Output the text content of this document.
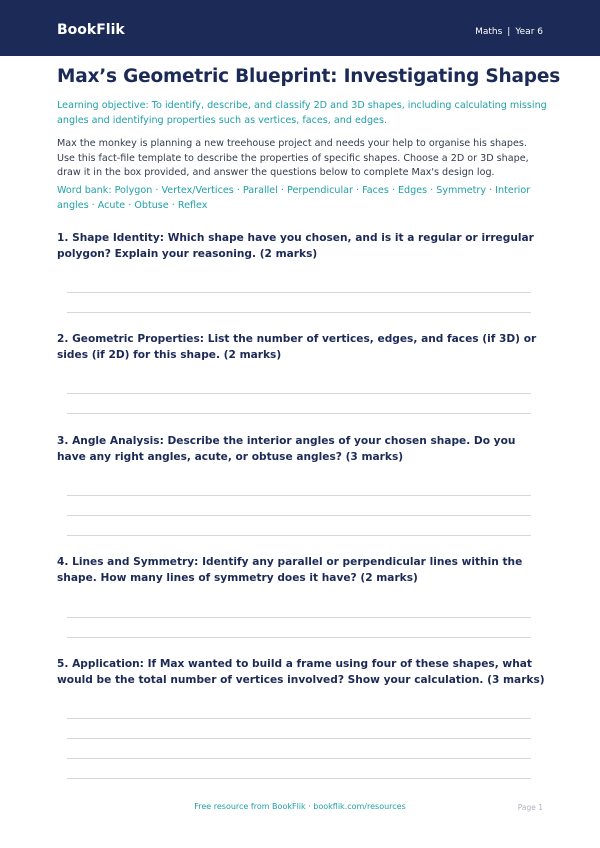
BookFlik	Maths | Year 6
Max’s Geometric Blueprint: Investigating Shapes

Learning objective: To identify, describe, and classify 2D and 3D shapes, including calculating missing angles and identifying properties such as vertices, faces, and edges.

Max the monkey is planning a new treehouse project and needs your help to organise his shapes. Use this fact-file template to describe the properties of specific shapes. Choose a 2D or 3D shape, draw it in the box provided, and answer the questions below to complete Max's design log.

Word bank: Polygon · Vertex/Vertices · Parallel · Perpendicular · Faces · Edges · Symmetry · Interior angles · Acute · Obtuse · Reflex

1. Shape Identity: Which shape have you chosen, and is it a regular or irregular polygon? Explain your reasoning. (2 marks)

2. Geometric Properties: List the number of vertices, edges, and faces (if 3D) or sides (if 2D) for this shape. (2 marks)

3. Angle Analysis: Describe the interior angles of your chosen shape. Do you have any right angles, acute, or obtuse angles? (3 marks)

4. Lines and Symmetry: Identify any parallel or perpendicular lines within the shape. How many lines of symmetry does it have? (2 marks)

5. Application: If Max wanted to build a frame using four of these shapes, what would be the total number of vertices involved? Show your calculation. (3 marks)

Free resource from BookFlik · bookflik.com/resources	Page 1
